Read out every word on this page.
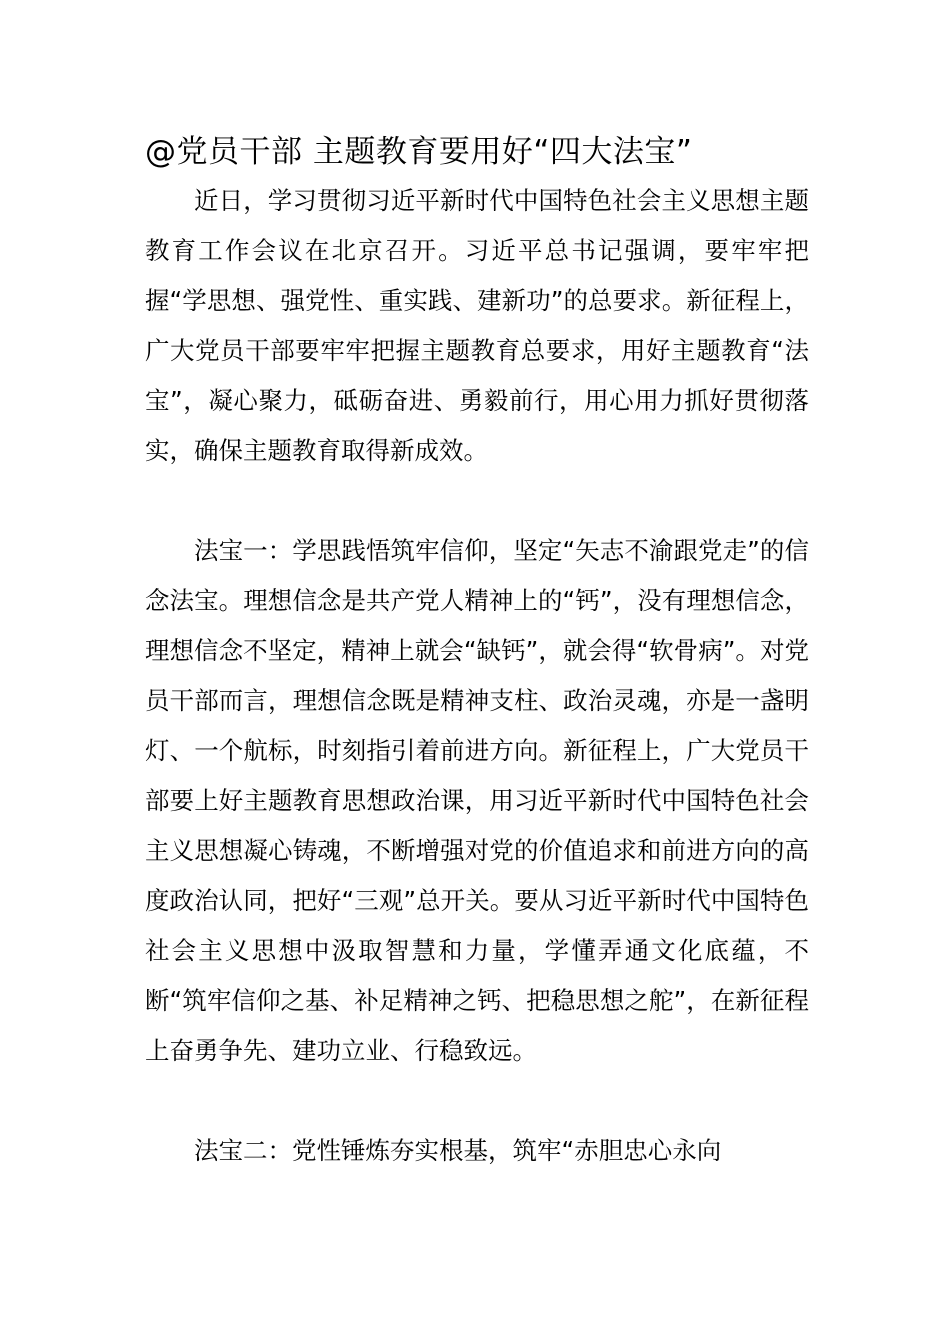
@党员干部 主题教育要用好“四大法宝”

近日，学习贯彻习近平新时代中国特色社会主义思想主题教育工作会议在北京召开。习近平总书记强调，要牢牢把握“学思想、强党性、重实践、建新功”的总要求。新征程上，广大党员干部要牢牢把握主题教育总要求，用好主题教育“法宝”，凝心聚力，砥砺奋进、勇毅前行，用心用力抓好贯彻落实，确保主题教育取得新成效。

法宝一：学思践悟筑牢信仰，坚定“矢志不渝跟党走”的信念法宝。理想信念是共产党人精神上的“钙”，没有理想信念，理想信念不坚定，精神上就会“缺钙”，就会得“软骨病”。对党员干部而言，理想信念既是精神支柱、政治灵魂，亦是一盏明灯、一个航标，时刻指引着前进方向。新征程上，广大党员干部要上好主题教育思想政治课，用习近平新时代中国特色社会主义思想凝心铸魂，不断增强对党的价值追求和前进方向的高度政治认同，把好“三观”总开关。要从习近平新时代中国特色社会主义思想中汲取智慧和力量，学懂弄通文化底蕴，不断“筑牢信仰之基、补足精神之钙、把稳思想之舵”，在新征程上奋勇争先、建功立业、行稳致远。

法宝二：党性锤炼夯实根基，筑牢“赤胆忠心永向
